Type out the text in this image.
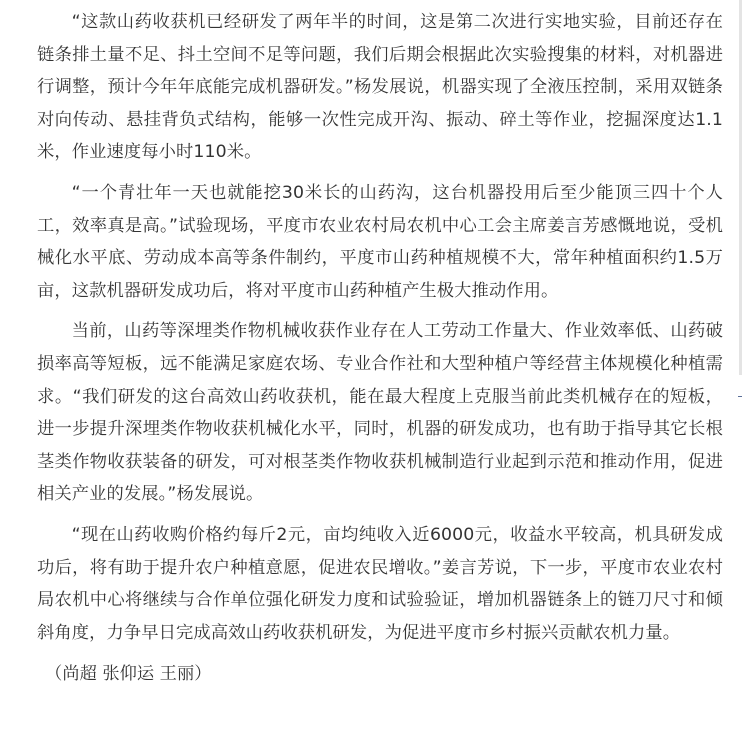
“这款山药收获机已经研发了两年半的时间，这是第二次进行实地实验，目前还存在链条排土量不足、抖土空间不足等问题，我们后期会根据此次实验搜集的材料，对机器进行调整，预计今年年底能完成机器研发。”杨发展说，机器实现了全液压控制，采用双链条对向传动、悬挂背负式结构，能够一次性完成开沟、振动、碎土等作业，挖掘深度达1.1米，作业速度每小时110米。

“一个青壮年一天也就能挖30米长的山药沟，这台机器投用后至少能顶三四十个人工，效率真是高。”试验现场，平度市农业农村局农机中心工会主席姜言芳感慨地说，受机械化水平底、劳动成本高等条件制约，平度市山药种植规模不大，常年种植面积约1.5万亩，这款机器研发成功后，将对平度市山药种植产生极大推动作用。

当前，山药等深埋类作物机械收获作业存在人工劳动工作量大、作业效率低、山药破损率高等短板，远不能满足家庭农场、专业合作社和大型种植户等经营主体规模化种植需求。“我们研发的这台高效山药收获机，能在最大程度上克服当前此类机械存在的短板，进一步提升深埋类作物收获机械化水平，同时，机器的研发成功，也有助于指导其它长根茎类作物收获装备的研发，可对根茎类作物收获机械制造行业起到示范和推动作用，促进相关产业的发展。”杨发展说。

“现在山药收购价格约每斤2元，亩均纯收入近6000元，收益水平较高，机具研发成功后，将有助于提升农户种植意愿，促进农民增收。”姜言芳说，下一步，平度市农业农村局农机中心将继续与合作单位强化研发力度和试验验证，增加机器链条上的链刀尺寸和倾斜角度，力争早日完成高效山药收获机研发，为促进平度市乡村振兴贡献农机力量。

（尚超 张仰运 王丽）
